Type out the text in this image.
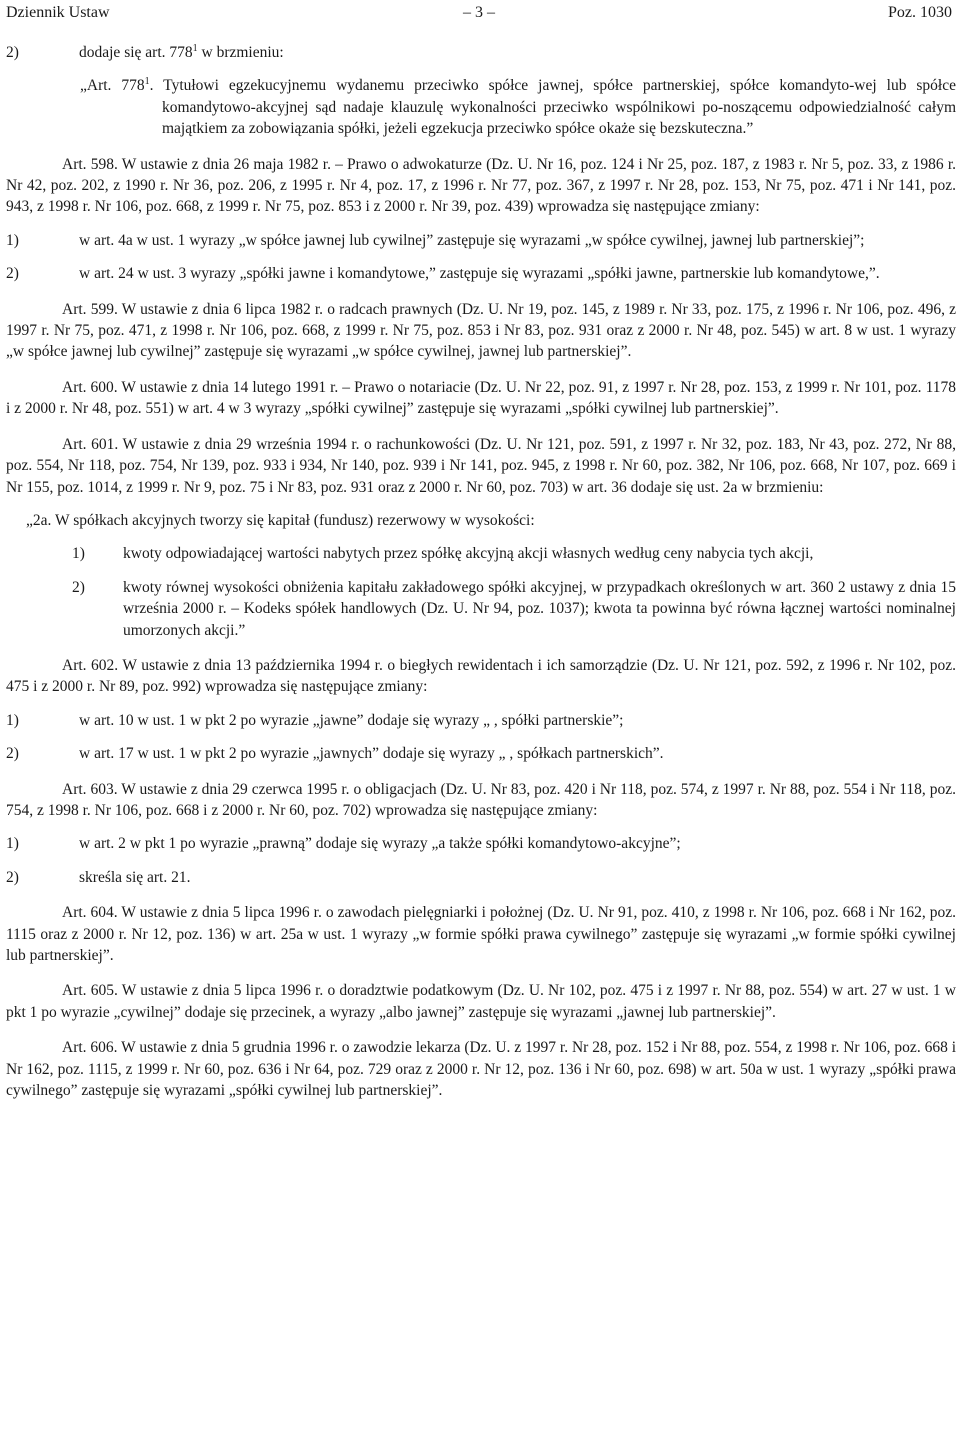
Dziennik Ustaw	– 3 –	Poz. 1030
2)	dodaje się art. $778^1$ w brzmieniu:

„Art. $778^1$. Tytułowi egzekucyjnemu wydanemu przeciwko spółce jawnej, spółce partnerskiej, spółce komandyto-wej lub spółce komandytowo-akcyjnej sąd nadaje klauzulę wykonalności przeciwko wspólnikowi po-noszącemu odpowiedzialność całym majątkiem za zobowiązania spółki, jeżeli egzekucja przeciwko spółce okaże się bezskuteczna.”

Art. 598. W ustawie z dnia 26 maja 1982 r. – Prawo o adwokaturze (Dz. U. Nr 16, poz. 124 i Nr 25, poz. 187, z 1983 r. Nr 5, poz. 33, z 1986 r. Nr 42, poz. 202, z 1990 r. Nr 36, poz. 206, z 1995 r. Nr 4, poz. 17, z 1996 r. Nr 77, poz. 367, z 1997 r. Nr 28, poz. 153, Nr 75, poz. 471 i Nr 141, poz. 943, z 1998 r. Nr 106, poz. 668, z 1999 r. Nr 75, poz. 853 i z 2000 r. Nr 39, poz. 439) wprowadza się następujące zmiany:

1)	w art. 4a w ust. 1 wyrazy „w spółce jawnej lub cywilnej” zastępuje się wyrazami „w spółce cywilnej, jawnej lub partnerskiej”;
2)	w art. 24 w ust. 3 wyrazy „spółki jawne i komandytowe,” zastępuje się wyrazami „spółki jawne, partnerskie lub komandytowe,”.

Art. 599. W ustawie z dnia 6 lipca 1982 r. o radcach prawnych (Dz. U. Nr 19, poz. 145, z 1989 r. Nr 33, poz. 175, z 1996 r. Nr 106, poz. 496, z 1997 r. Nr 75, poz. 471, z 1998 r. Nr 106, poz. 668, z 1999 r. Nr 75, poz. 853 i Nr 83, poz. 931 oraz z 2000 r. Nr 48, poz. 545) w art. 8 w ust. 1 wyrazy „w spółce jawnej lub cywilnej” zastępuje się wyrazami „w spółce cywilnej, jawnej lub partnerskiej”.

Art. 600. W ustawie z dnia 14 lutego 1991 r. – Prawo o notariacie (Dz. U. Nr 22, poz. 91, z 1997 r. Nr 28, poz. 153, z 1999 r. Nr 101, poz. 1178 i z 2000 r. Nr 48, poz. 551) w art. 4 w 3 wyrazy „spółki cywilnej” zastępuje się wyrazami „spółki cywilnej lub partnerskiej”.

Art. 601. W ustawie z dnia 29 września 1994 r. o rachunkowości (Dz. U. Nr 121, poz. 591, z 1997 r. Nr 32, poz. 183, Nr 43, poz. 272, Nr 88, poz. 554, Nr 118, poz. 754, Nr 139, poz. 933 i 934, Nr 140, poz. 939 i Nr 141, poz. 945, z 1998 r. Nr 60, poz. 382, Nr 106, poz. 668, Nr 107, poz. 669 i Nr 155, poz. 1014, z 1999 r. Nr 9, poz. 75 i Nr 83, poz. 931 oraz z 2000 r. Nr 60, poz. 703) w art. 36 dodaje się ust. 2a w brzmieniu:

„2a. W spółkach akcyjnych tworzy się kapitał (fundusz) rezerwowy w wysokości:

1) kwoty odpowiadającej wartości nabytych przez spółkę akcyjną akcji własnych według ceny nabycia tych akcji,
2) kwoty równej wysokości obniżenia kapitału zakładowego spółki akcyjnej, w przypadkach określonych w art. 360 2 ustawy z dnia 15 września 2000 r. – Kodeks spółek handlowych (Dz. U. Nr 94, poz. 1037); kwota ta powinna być równa łącznej wartości nominalnej umorzonych akcji.”

Art. 602. W ustawie z dnia 13 października 1994 r. o biegłych rewidentach i ich samorządzie (Dz. U. Nr 121, poz. 592, z 1996 r. Nr 102, poz. 475 i z 2000 r. Nr 89, poz. 992) wprowadza się następujące zmiany:

1)	w art. 10 w ust. 1 w pkt 2 po wyrazie „jawne” dodaje się wyrazy „ , spółki partnerskie”;
2)	w art. 17 w ust. 1 w pkt 2 po wyrazie „jawnych” dodaje się wyrazy „ , spółkach partnerskich”.

Art. 603. W ustawie z dnia 29 czerwca 1995 r. o obligacjach (Dz. U. Nr 83, poz. 420 i Nr 118, poz. 574, z 1997 r. Nr 88, poz. 554 i Nr 118, poz. 754, z 1998 r. Nr 106, poz. 668 i z 2000 r. Nr 60, poz. 702) wprowadza się następujące zmiany:

1)	w art. 2 w pkt 1 po wyrazie „prawną” dodaje się wyrazy „a także spółki komandytowo-akcyjne”;
2)	skreśla się art. 21.

Art. 604. W ustawie z dnia 5 lipca 1996 r. o zawodach pielęgniarki i położnej (Dz. U. Nr 91, poz. 410, z 1998 r. Nr 106, poz. 668 i Nr 162, poz. 1115 oraz z 2000 r. Nr 12, poz. 136) w art. 25a w ust. 1 wyrazy „w formie spółki prawa cywilnego” zastępuje się wyrazami „w formie spółki cywilnej lub partnerskiej”.

Art. 605. W ustawie z dnia 5 lipca 1996 r. o doradztwie podatkowym (Dz. U. Nr 102, poz. 475 i z 1997 r. Nr 88, poz. 554) w art. 27 w ust. 1 w pkt 1 po wyrazie „cywilnej” dodaje się przecinek, a wyrazy „albo jawnej” zastępuje się wyrazami „jawnej lub partnerskiej”.

Art. 606. W ustawie z dnia 5 grudnia 1996 r. o zawodzie lekarza (Dz. U. z 1997 r. Nr 28, poz. 152 i Nr 88, poz. 554, z 1998 r. Nr 106, poz. 668 i Nr 162, poz. 1115, z 1999 r. Nr 60, poz. 636 i Nr 64, poz. 729 oraz z 2000 r. Nr 12, poz. 136 i Nr 60, poz. 698) w art. 50a w ust. 1 wyrazy „spółki prawa cywilnego” zastępuje się wyrazami „spółki cywilnej lub partnerskiej”.
